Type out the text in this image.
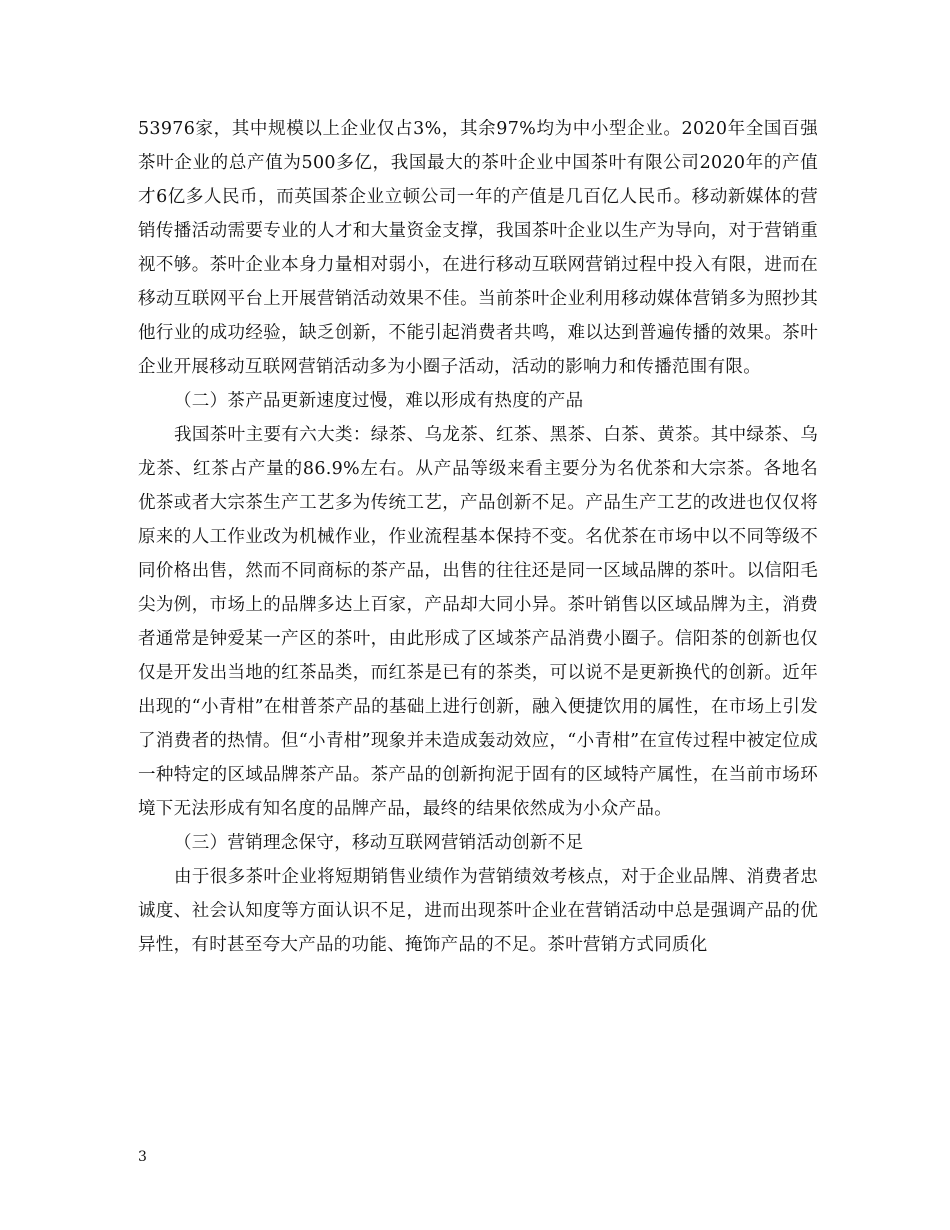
53976家，其中规模以上企业仅占3%，其余97%均为中小型企业。2020年全国百强茶叶企业的总产值为500多亿，我国最大的茶叶企业中国茶叶有限公司2020年的产值才6亿多人民币，而英国茶企业立顿公司一年的产值是几百亿人民币。移动新媒体的营销传播活动需要专业的人才和大量资金支撑，我国茶叶企业以生产为导向，对于营销重视不够。茶叶企业本身力量相对弱小，在进行移动互联网营销过程中投入有限，进而在移动互联网平台上开展营销活动效果不佳。当前茶叶企业利用移动媒体营销多为照抄其他行业的成功经验，缺乏创新，不能引起消费者共鸣，难以达到普遍传播的效果。茶叶企业开展移动互联网营销活动多为小圈子活动，活动的影响力和传播范围有限。

（二）茶产品更新速度过慢，难以形成有热度的产品

我国茶叶主要有六大类：绿茶、乌龙茶、红茶、黑茶、白茶、黄茶。其中绿茶、乌龙茶、红茶占产量的86.9%左右。从产品等级来看主要分为名优茶和大宗茶。各地名优茶或者大宗茶生产工艺多为传统工艺，产品创新不足。产品生产工艺的改进也仅仅将原来的人工作业改为机械作业，作业流程基本保持不变。名优茶在市场中以不同等级不同价格出售，然而不同商标的茶产品，出售的往往还是同一区域品牌的茶叶。以信阳毛尖为例，市场上的品牌多达上百家，产品却大同小异。茶叶销售以区域品牌为主，消费者通常是钟爱某一产区的茶叶，由此形成了区域茶产品消费小圈子。信阳茶的创新也仅仅是开发出当地的红茶品类，而红茶是已有的茶类，可以说不是更新换代的创新。近年出现的“小青柑”在柑普茶产品的基础上进行创新，融入便捷饮用的属性，在市场上引发了消费者的热情。但“小青柑”现象并未造成轰动效应，“小青柑”在宣传过程中被定位成一种特定的区域品牌茶产品。茶产品的创新拘泥于固有的区域特产属性，在当前市场环境下无法形成有知名度的品牌产品，最终的结果依然成为小众产品。

（三）营销理念保守，移动互联网营销活动创新不足

由于很多茶叶企业将短期销售业绩作为营销绩效考核点，对于企业品牌、消费者忠诚度、社会认知度等方面认识不足，进而出现茶叶企业在营销活动中总是强调产品的优异性，有时甚至夸大产品的功能、掩饰产品的不足。茶叶营销方式同质化

3
